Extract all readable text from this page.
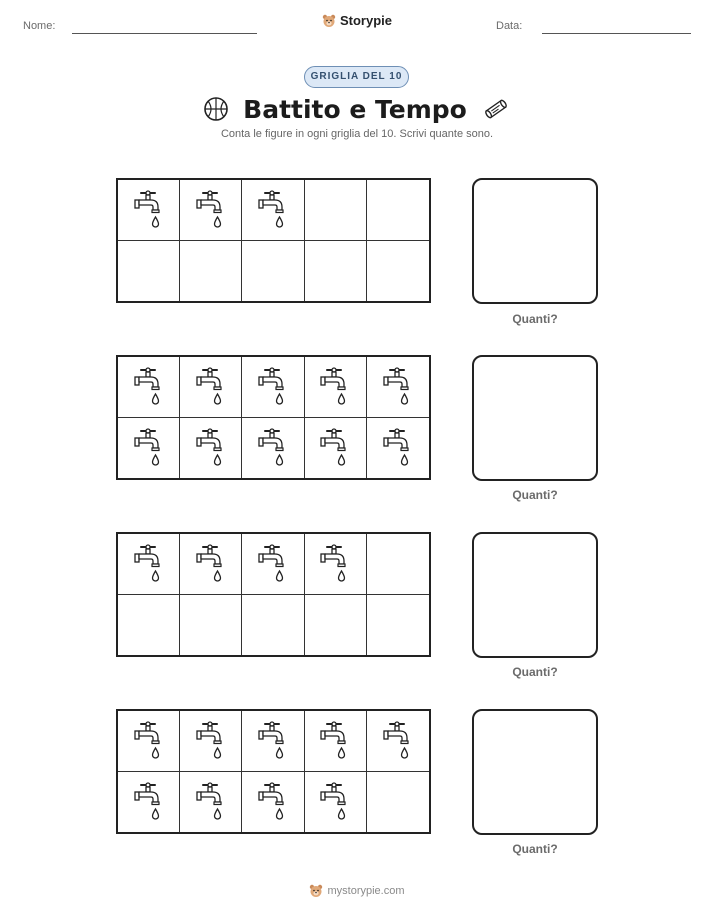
Nome:	Storypie	Data:
GRIGLIA DEL 10
Battito e Tempo
Conta le figure in ogni griglia del 10. Scrivi quante sono.
Quanti?
Quanti?
Quanti?
Quanti?
mystorypie.com
